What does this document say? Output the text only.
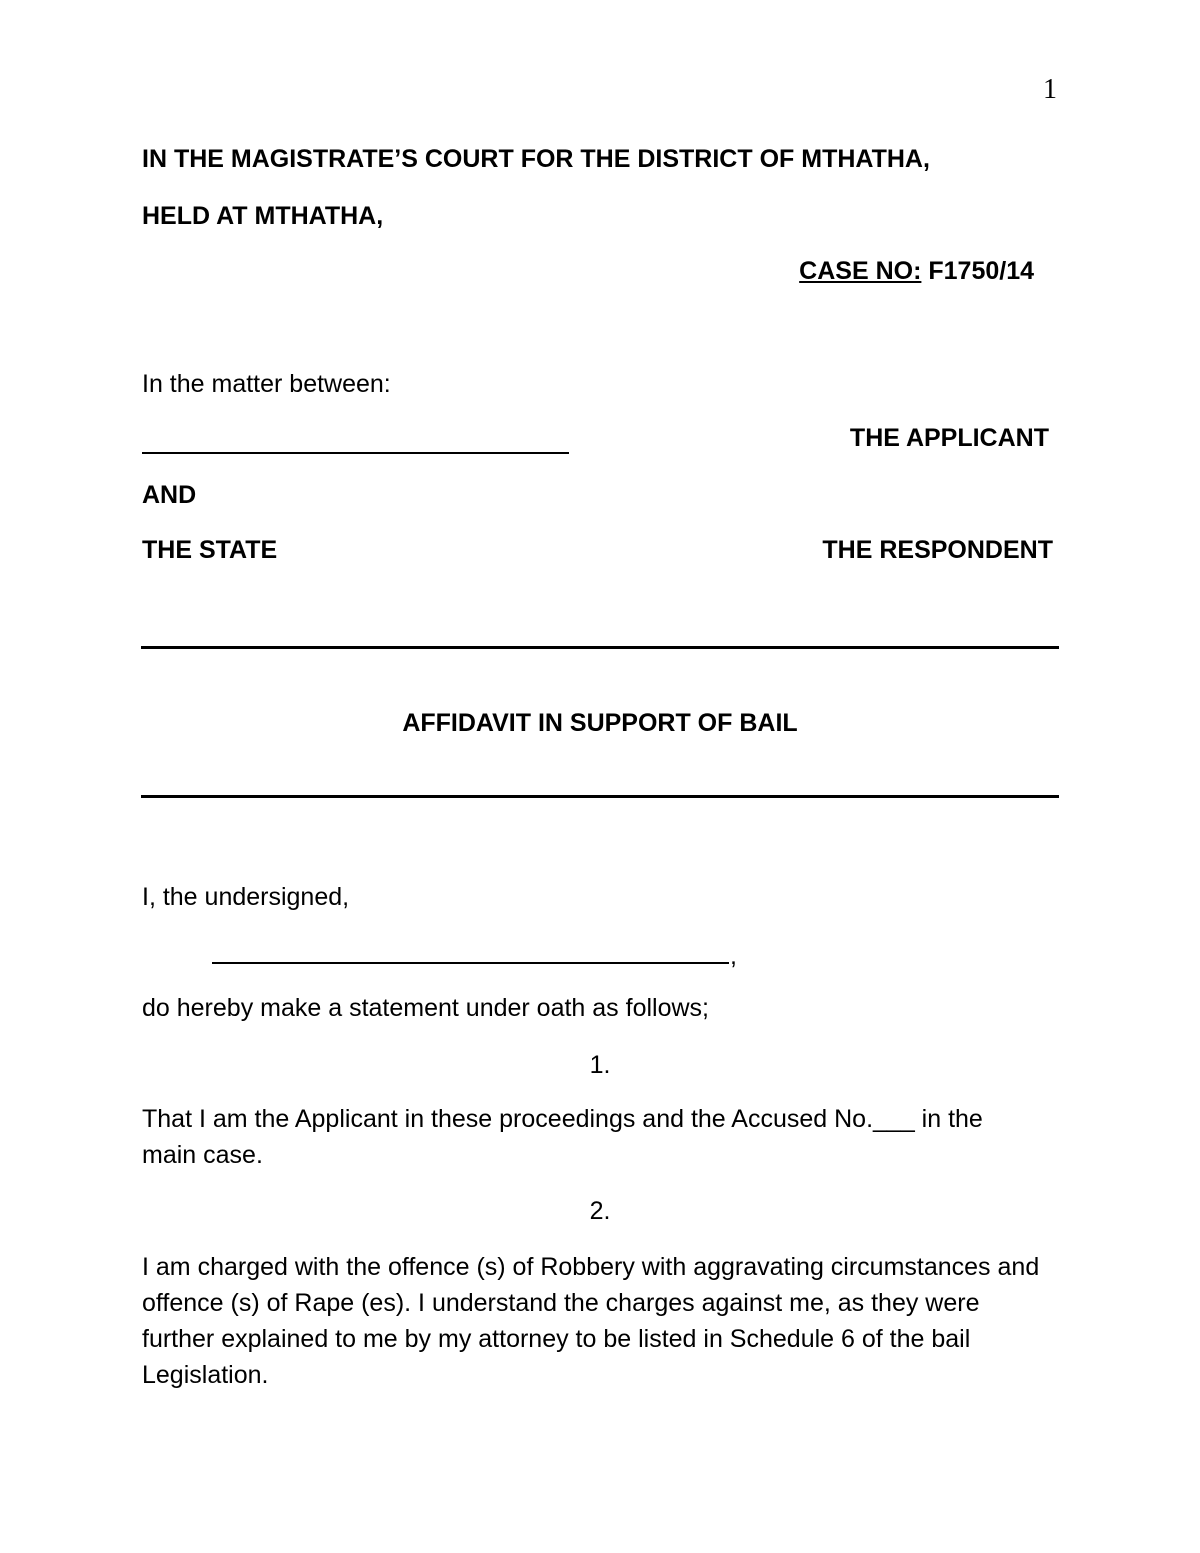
1
IN THE MAGISTRATE’S COURT FOR THE DISTRICT OF MTHATHA,
HELD AT MTHATHA,
CASE NO: F1750/14
In the matter between:
THE APPLICANT
AND
THE STATE	THE RESPONDENT
AFFIDAVIT IN SUPPORT OF BAIL
I, the undersigned,
,
do hereby make a statement under oath as follows;
1.
That I am the Applicant in these proceedings and the Accused No.___ in the main case.
2.
I am charged with the offence (s) of Robbery with aggravating circumstances and offence (s) of Rape (es). I understand the charges against me, as they were further explained to me by my attorney to be listed in Schedule 6 of the bail Legislation.
